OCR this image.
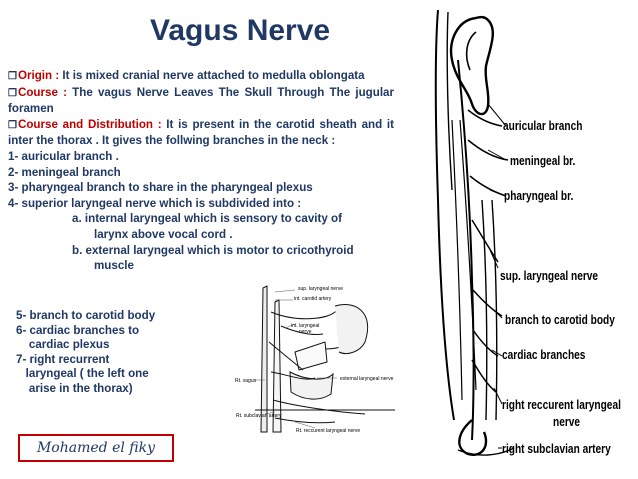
Vagus Nerve

❒Origin : It is mixed cranial nerve attached to medulla oblongata

❒Course : The vagus Nerve Leaves The Skull Through The jugular foramen

❒Course and Distribution : It is present in the carotid sheath and it inter the thorax . It gives the follwing branches in the neck :

1- auricular branch .
2- meningeal branch
3- pharyngeal branch to share in the pharyngeal plexus
4- superior laryngeal nerve which is subdivided into :
a. internal laryngeal which is sensory to cavity of
larynx above vocal cord .
b. external laryngeal which is motor to cricothyroid
muscle
5- branch to carotid body
6- cardiac branches to
cardiac plexus
7- right recurrent
laryngeal ( the left one
arise in the thorax)
Mohamed el fiky
sup. laryngeal nerve
int. carotid artery
int. laryngeal
nerve
Rt. vagus	external laryngeal nerve
Rt. subclavian artery
Rt. reccurent laryngeal nerve
auricular branch
meningeal br.
pharyngeal br.
sup. laryngeal nerve
branch to carotid body
cardiac branches
right reccurent laryngeal
nerve
right subclavian artery
